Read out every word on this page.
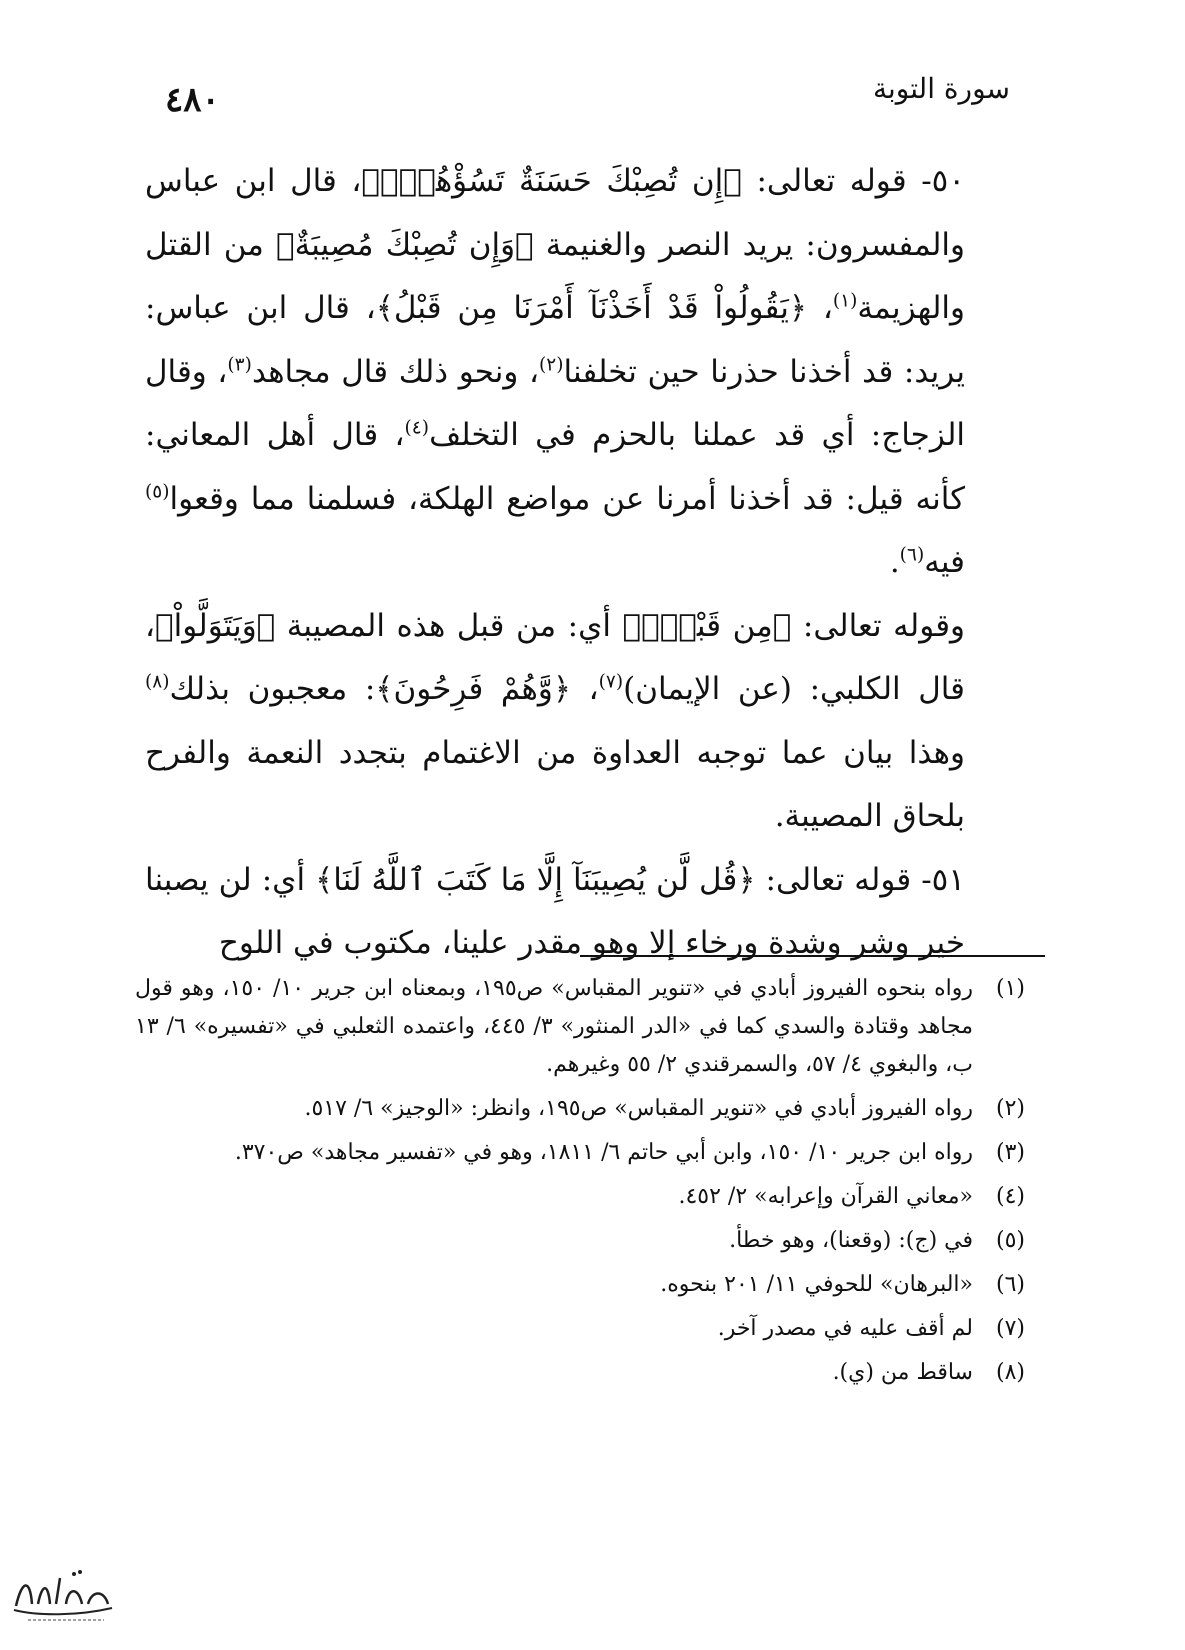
سورة التوبة
٤٨٠

٥٠- قوله تعالى: ﴿إِن تُصِبْكَ حَسَنَةٌ تَسُؤْهُمْۖ﴾، قال ابن عباس والمفسرون: يريد النصر والغنيمة ﴿وَإِن تُصِبْكَ مُصِيبَةٌ﴾ من القتل والهزيمة$^{(١)}$، ﴿يَقُولُواْ قَدْ أَخَذْنَآ أَمْرَنَا مِن قَبْلُ﴾، قال ابن عباس: يريد: قد أخذنا حذرنا حين تخلفنا$^{(٢)}$، ونحو ذلك قال مجاهد$^{(٣)}$، وقال الزجاج: أي قد عملنا بالحزم في التخلف$^{(٤)}$، قال أهل المعاني: كأنه قيل: قد أخذنا أمرنا عن مواضع الهلكة، فسلمنا مما وقعوا$^{(٥)}$ فيه$^{(٦)}$.

وقوله تعالى: ﴿مِن قَبْلُۖ﴾ أي: من قبل هذه المصيبة ﴿وَيَتَوَلَّواْ﴾، قال الكلبي: (عن الإيمان)$^{(٧)}$، ﴿وَّهُمْ فَرِحُونَ﴾: معجبون بذلك$^{(٨)}$ وهذا بيان عما توجبه العداوة من الاغتمام بتجدد النعمة والفرح بلحاق المصيبة.

٥١- قوله تعالى: ﴿قُل لَّن يُصِيبَنَآ إِلَّا مَا كَتَبَ ٱللَّهُ لَنَا﴾ أي: لن يصبنا خير وشر وشدة ورخاء إلا وهو مقدر علينا، مكتوب في اللوح

(١)
رواه بنحوه الفيروز أبادي في «تنوير المقباس» ص١٩٥، وبمعناه ابن جرير ١٠/ ١٥٠، وهو قول مجاهد وقتادة والسدي كما في «الدر المنثور» ٣/ ٤٤٥، واعتمده الثعلبي في «تفسيره» ٦/ ١٣ ب، والبغوي ٤/ ٥٧، والسمرقندي ٢/ ٥٥ وغيرهم.
(٢)
رواه الفيروز أبادي في «تنوير المقباس» ص١٩٥، وانظر: «الوجيز» ٦/ ٥١٧.
(٣)
رواه ابن جرير ١٠/ ١٥٠، وابن أبي حاتم ٦/ ١٨١١، وهو في «تفسير مجاهد» ص٣٧٠.
(٤)
«معاني القرآن وإعرابه» ٢/ ٤٥٢.
(٥)
في (ج): (وقعنا)، وهو خطأ.
(٦)
«البرهان» للحوفي ١١/ ٢٠١ بنحوه.
(٧)
لم أقف عليه في مصدر آخر.
(٨)
ساقط من (ي).
